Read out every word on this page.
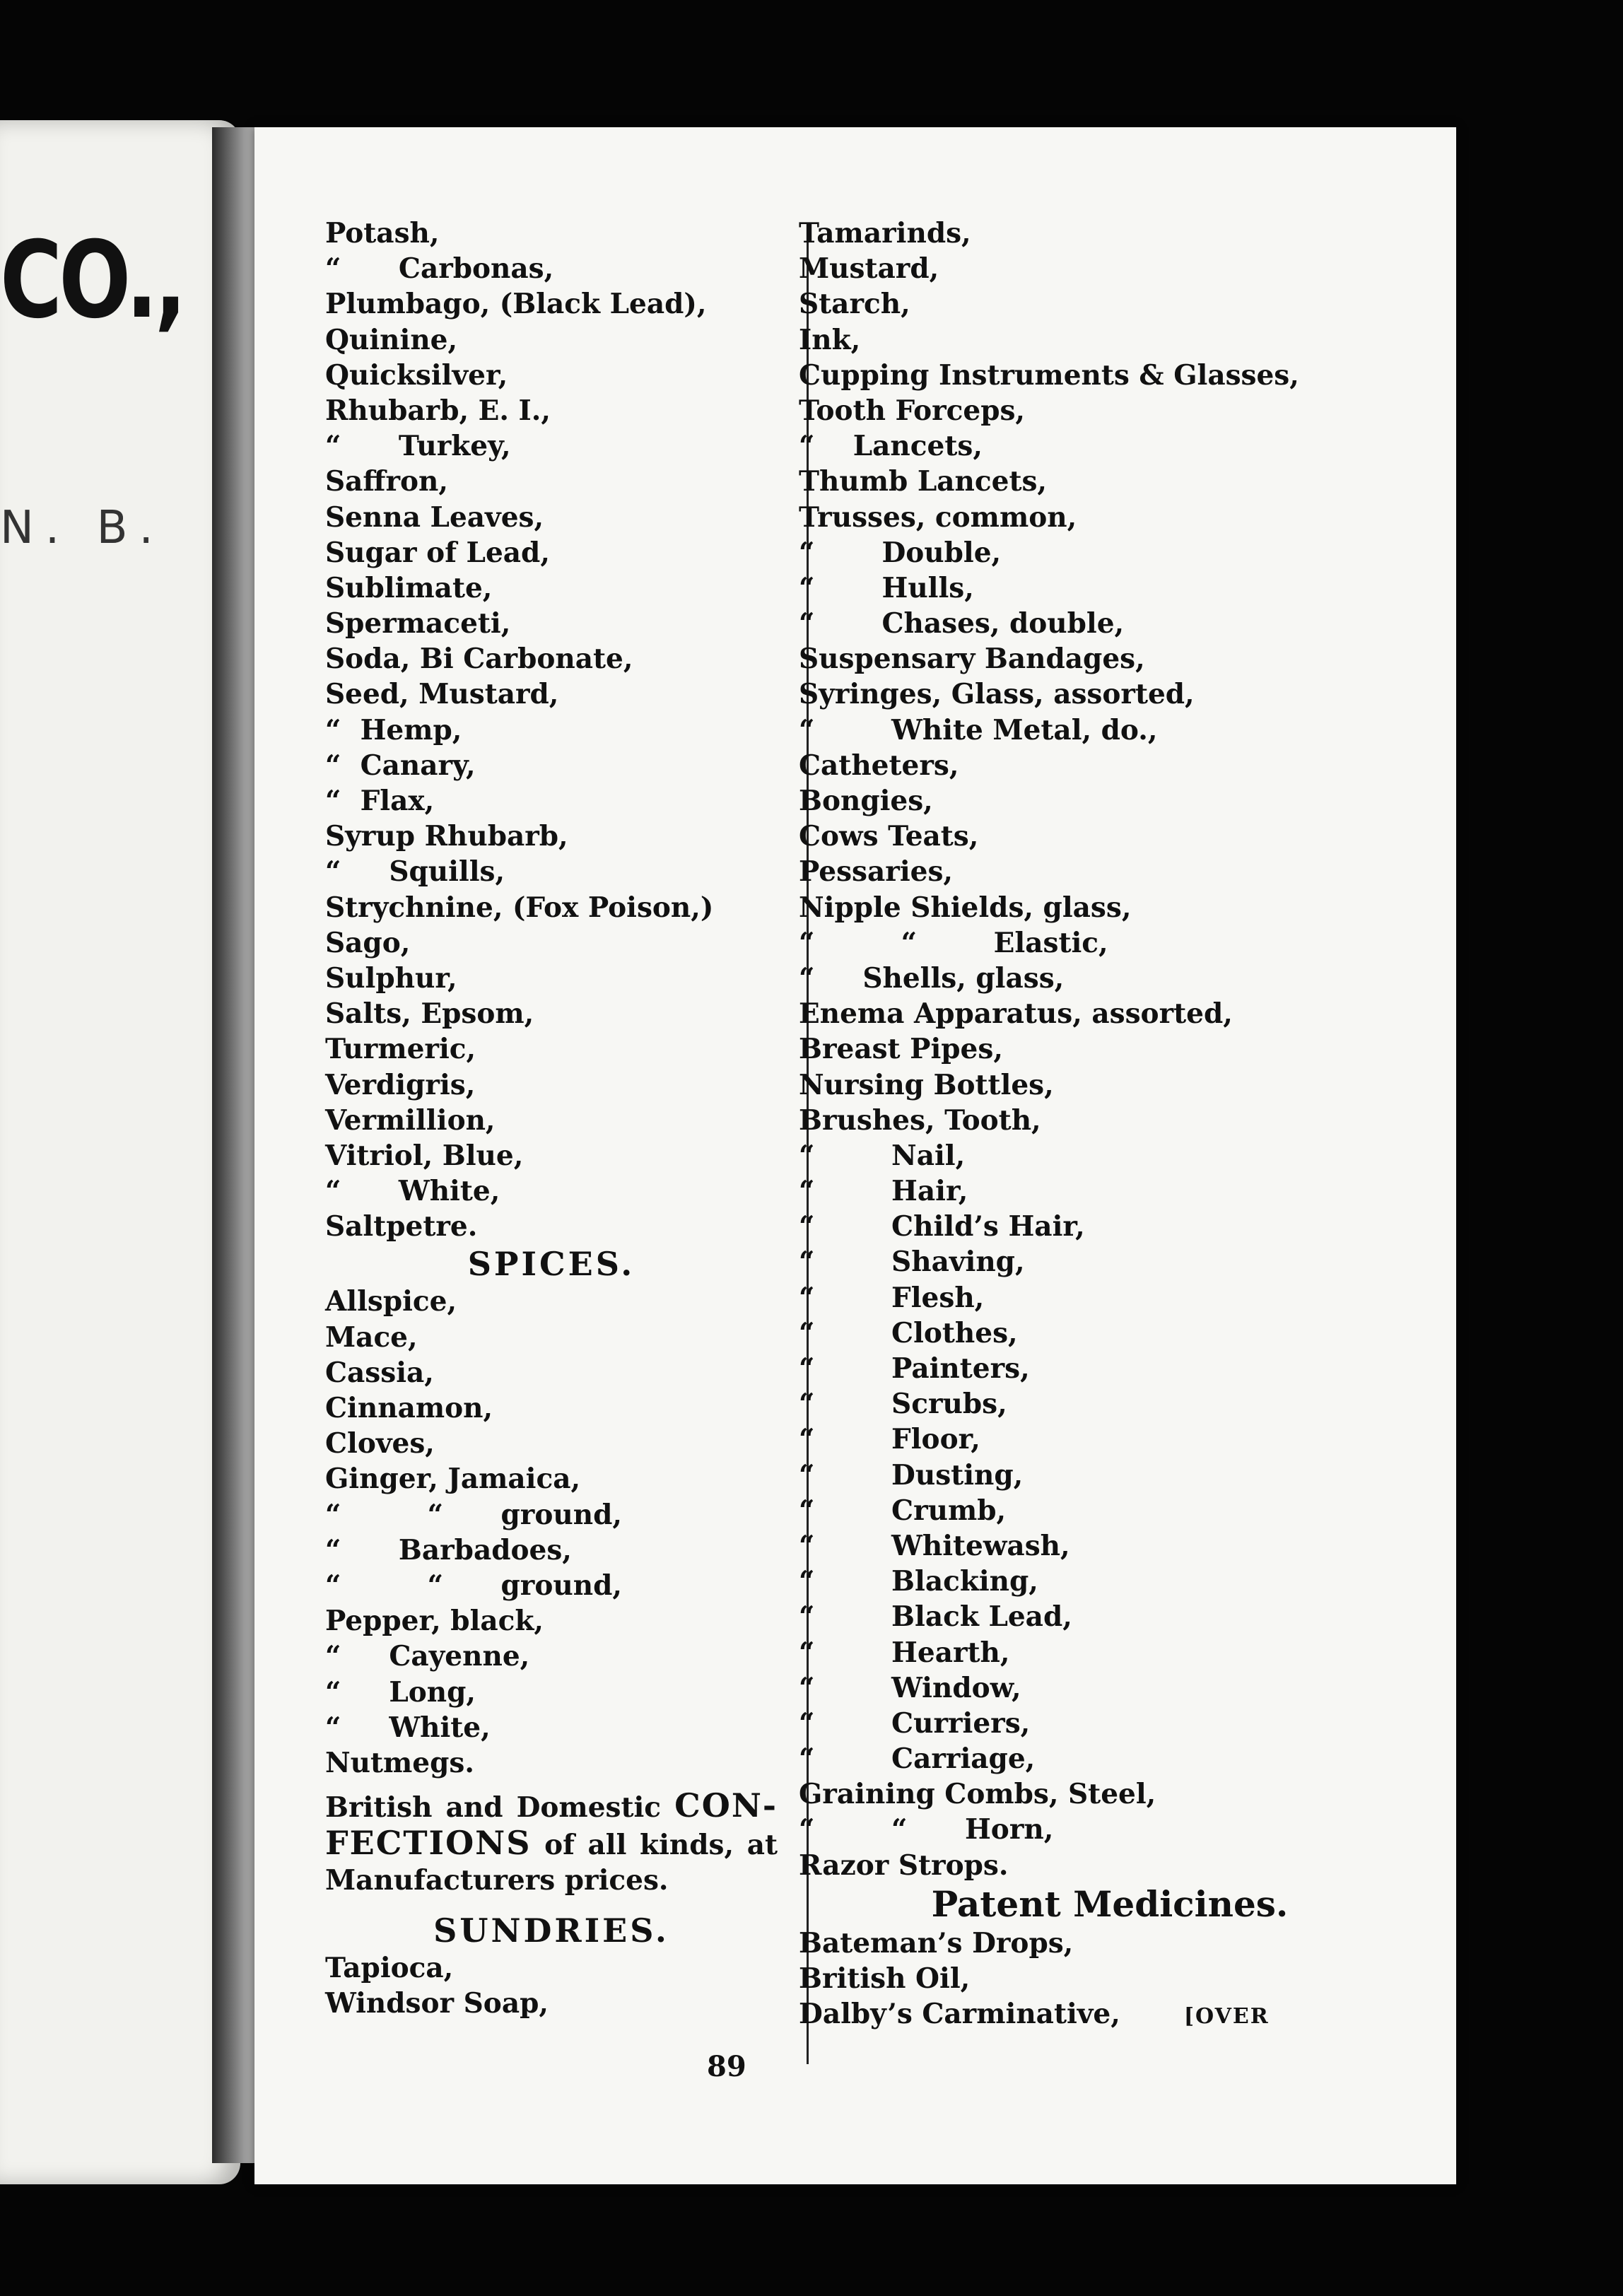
CO.,
N. B.
Potash,
“      Carbonas,
Plumbago, (Black Lead),
Quinine,
Quicksilver,
Rhubarb, E. I.,
“      Turkey,
Saffron,
Senna Leaves,
Sugar of Lead,
Sublimate,
Spermaceti,
Soda, Bi Carbonate,
Seed, Mustard,
“  Hemp,
“  Canary,
“  Flax,
Syrup Rhubarb,
“     Squills,
Strychnine, (Fox Poison,)
Sago,
Sulphur,
Salts, Epsom,
Turmeric,
Verdigris,
Vermillion,
Vitriol, Blue,
“      White,
Saltpetre.
SPICES.
Allspice,
Mace,
Cassia,
Cinnamon,
Cloves,
Ginger, Jamaica,
“         “      ground,
“      Barbadoes,
“         “      ground,
Pepper, black,
“     Cayenne,
“     Long,
“     White,
Nutmegs.
British and Domestic CON- FECTIONS of all kinds, at Manufacturers prices.
SUNDRIES.
Tapioca,
Windsor Soap,
Tamarinds,
Mustard,
Starch,
Ink,
Cupping Instruments & Glasses,
Tooth Forceps,
“    Lancets,
Thumb Lancets,
Trusses, common,
“       Double,
“       Hulls,
“       Chases, double,
Suspensary Bandages,
Syringes, Glass, assorted,
“        White Metal, do.,
Catheters,
Bongies,
Cows Teats,
Pessaries,
Nipple Shields, glass,
“         “        Elastic,
“     Shells, glass,
Enema Apparatus, assorted,
Breast Pipes,
Nursing Bottles,
Brushes, Tooth,
“        Nail,
“        Hair,
“        Child’s Hair,
“        Shaving,
“        Flesh,
“        Clothes,
“        Painters,
“        Scrubs,
“        Floor,
“        Dusting,
“        Crumb,
“        Whitewash,
“        Blacking,
“        Black Lead,
“        Hearth,
“        Window,
“        Curriers,
“        Carriage,
Graining Combs, Steel,
“        “      Horn,
Razor Strops.
Patent Medicines.
Bateman’s Drops,
British Oil,
Dalby’s Carminative,	[OVER
89
